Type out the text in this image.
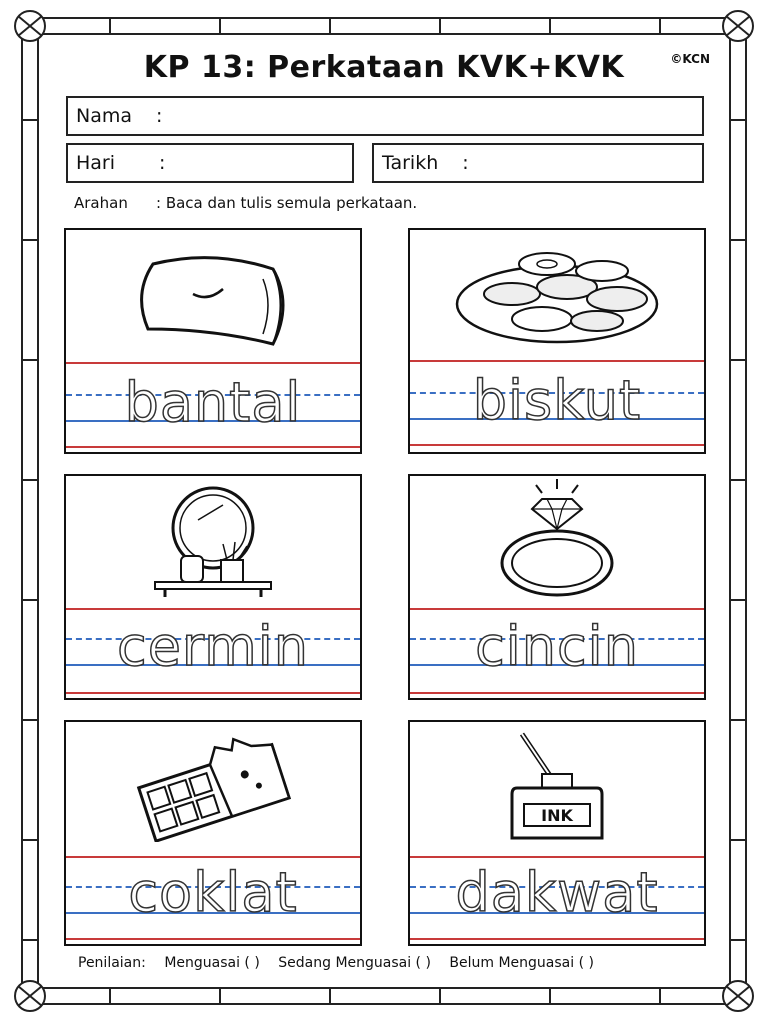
KP 13: Perkataan KVK+KVK	©KCN
Nama :
Hari :	Tarikh :
Arahan : Baca dan tulis semula perkataan.
bantal	biskut
cermin	cincin
coklat
INK
dakwat
Penilaian: Menguasai ( ) Sedang Menguasai ( ) Belum Menguasai ( )
